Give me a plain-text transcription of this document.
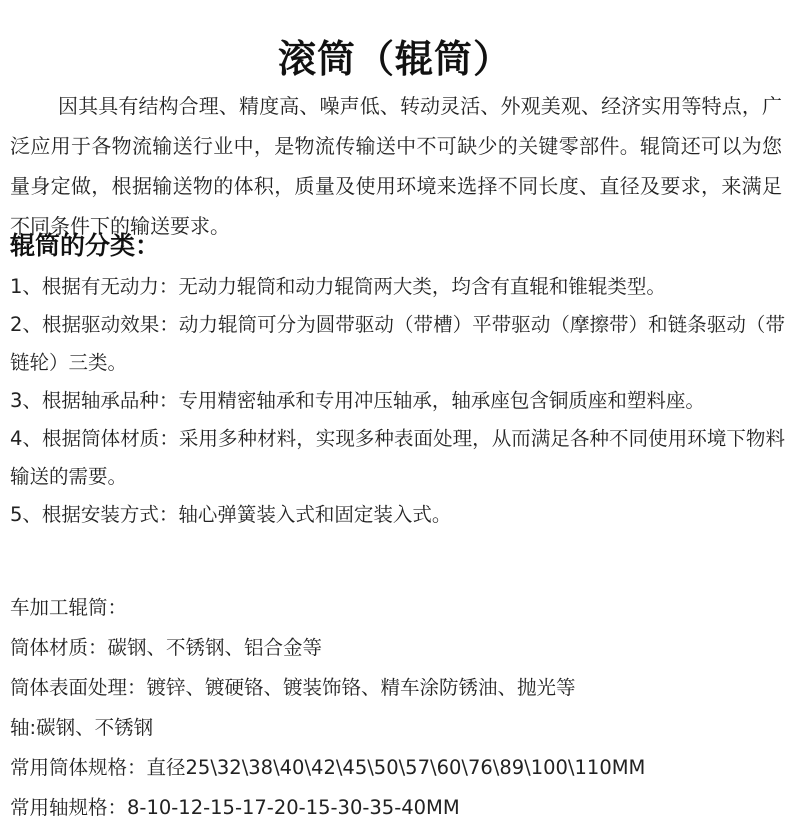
滚筒（辊筒）

因其具有结构合理、精度高、噪声低、转动灵活、外观美观、经济实用等特点，广泛应用于各物流输送行业中，是物流传输送中不可缺少的关键零部件。辊筒还可以为您量身定做，根据输送物的体积，质量及使用环境来选择不同长度、直径及要求，来满足不同条件下的输送要求。

辊筒的分类：

1、根据有无动力：无动力辊筒和动力辊筒两大类，均含有直辊和锥辊类型。

2、根据驱动效果：动力辊筒可分为圆带驱动（带槽）平带驱动（摩擦带）和链条驱动（带链轮）三类。

3、根据轴承品种：专用精密轴承和专用冲压轴承，轴承座包含铜质座和塑料座。

4、根据筒体材质：采用多种材料，实现多种表面处理，从而满足各种不同使用环境下物料输送的需要。

5、根据安装方式：轴心弹簧装入式和固定装入式。

车加工辊筒：

筒体材质：碳钢、不锈钢、铝合金等

筒体表面处理：镀锌、镀硬铬、镀装饰铬、精车涂防锈油、抛光等

轴:碳钢、不锈钢

常用筒体规格：直径25\32\38\40\42\45\50\57\60\76\89\100\110MM

常用轴规格：8-10-12-15-17-20-15-30-35-40MM
